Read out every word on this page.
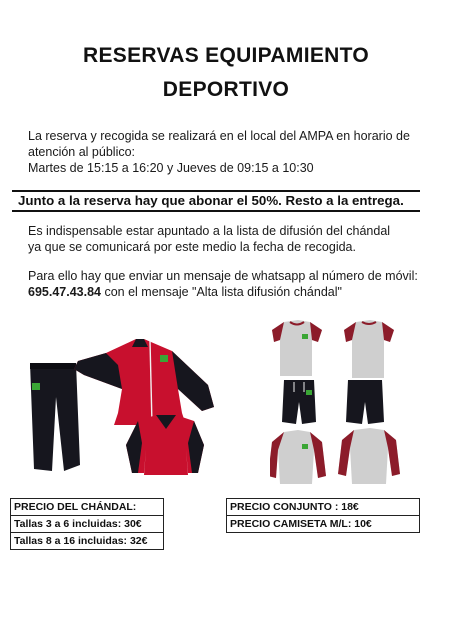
RESERVAS EQUIPAMIENTO
DEPORTIVO
La reserva y recogida se realizará en el local del AMPA en horario de
atención al público:
Martes de 15:15 a 16:20 y Jueves de 09:15 a 10:30
Junto a la reserva hay que abonar el 50%. Resto a la entrega.
Es indispensable estar apuntado a la lista de difusión del chándal
ya que se comunicará por este medio la fecha de recogida.
Para ello hay que enviar un mensaje de whatsapp al número de móvil:
695.47.43.84 con el mensaje "Alta lista difusión chándal"
PRECIO DEL CHÁNDAL:
Tallas 3 a 6 incluidas: 30€
Tallas 8 a 16 incluidas: 32€
PRECIO CONJUNTO : 18€
PRECIO CAMISETA M/L: 10€
